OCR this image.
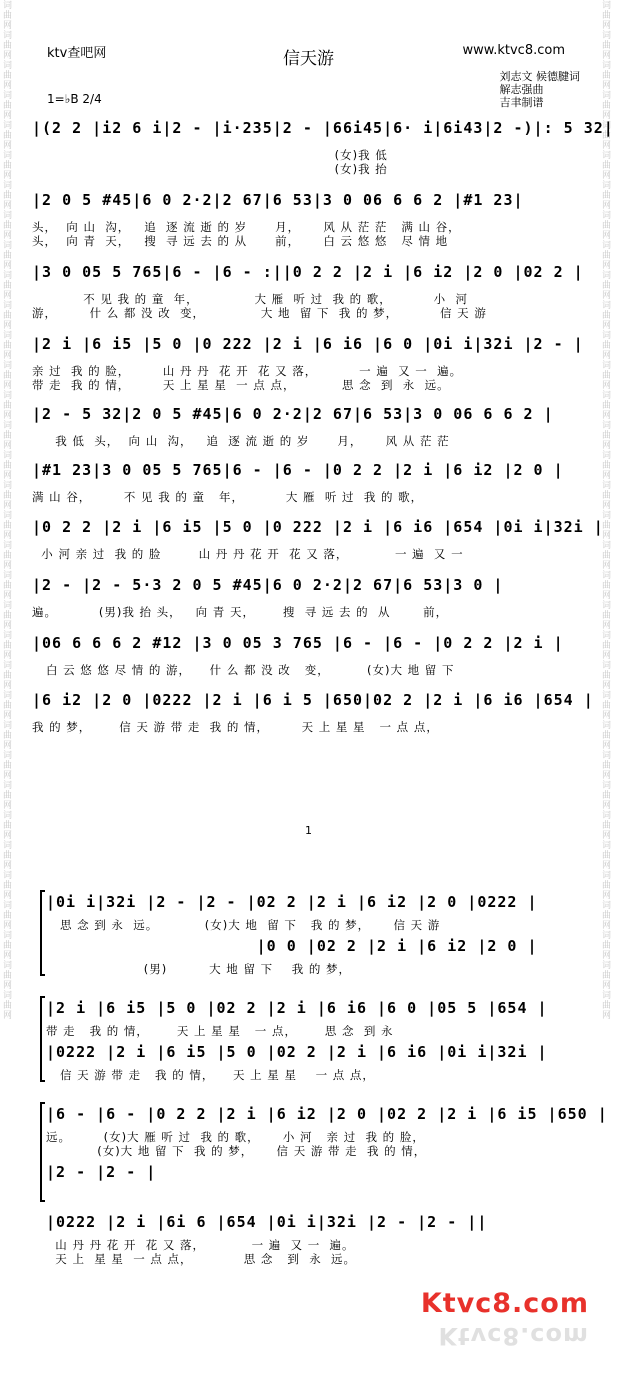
词曲网词曲网词曲网词曲网词曲网词曲网词曲网词曲网词曲网词曲网词曲网词曲网词曲网词曲网词曲网词曲网词曲网词曲网词曲网词曲网词曲网词曲网词曲网词曲网词曲网词曲网词曲网词曲网词曲网词曲网词曲网词曲网词曲网词曲网	词曲网词曲网词曲网词曲网词曲网词曲网词曲网词曲网词曲网词曲网词曲网词曲网词曲网词曲网词曲网词曲网词曲网词曲网词曲网词曲网词曲网词曲网词曲网词曲网词曲网词曲网词曲网词曲网词曲网词曲网词曲网词曲网词曲网词曲网
ktv查吧网	信天游	www.ktvc8.com
刘志文 候德腱词
解志强曲
吉聿制谱
1=♭B 2/4
|(2 2 |i2 6 i|2 - |i·235|2 - |66i45|6· i|6i43|2 -)|: 5 32|
(女)我 低
(女)我 抬
|2 0 5 #45|6 0 2·2|2 67|6 53|3 0 06 6 6 2 |#1 23|
头，  向 山  沟，   追  逐 流 逝 的 岁      月，     风 从 茫 茫   满 山 谷，
头，  向 青  天，   搜  寻 远 去 的 从      前，     白 云 悠 悠   尽 情 地
|3 0 05 5 765|6 - |6 - :||0 2 2 |2 i |6 i2 |2 0 |02 2 |
不 见 我 的 童  年，            大 雁  听 过  我 的 歌，         小  河
游，       什 么 都 没 改  变，            大 地  留 下  我 的 梦，         信 天 游
|2 i |6 i5 |5 0 |0 222 |2 i |6 i6 |6 0 |0i i|32i |2 - |
亲 过  我 的 脸，       山 丹 丹  花 开  花 又 落，         一 遍  又 一  遍。
带 走  我 的 情，       天 上 星 星  一 点 点，          思 念  到  永  远。
|2 - 5 32|2 0 5 #45|6 0 2·2|2 67|6 53|3 0 06 6 6 2 |
我 低  头，  向 山  沟，   追  逐 流 逝 的 岁      月，     风 从 茫 茫
|#1 23|3 0 05 5 765|6 - |6 - |0 2 2 |2 i |6 i2 |2 0 |
满 山 谷，       不 见 我 的 童   年，         大 雁  听 过  我 的 歌，
|0 2 2 |2 i |6 i5 |5 0 |0 222 |2 i |6 i6 |654 |0i i|32i |
小 河 亲 过  我 的 脸        山 丹 丹 花 开  花 又 落，          一 遍  又 一
|2 - |2 - 5·3 2 0 5 #45|6 0 2·2|2 67|6 53|3 0 |
遍。         (男)我 抬 头，   向 青 天，      搜  寻 远 去 的  从       前，
|06 6 6 6 2 #12 |3 0 05 3 765 |6 - |6 - |0 2 2 |2 i |
白 云 悠 悠 尽 情 的 游，    什 么 都 没 改   变，        (女)大 地 留 下
|6 i2 |2 0 |0222 |2 i |6 i 5 |650|02 2 |2 i |6 i6 |654 |
我 的 梦，      信 天 游 带 走  我 的 情，       天 上 星 星   一 点 点，
1
|0i i|32i |2 - |2 - |02 2 |2 i |6 i2 |2 0 |0222 |
思 念 到 永  远。          (女)大 地  留 下   我 的 梦，     信 天 游
|0 0 |02 2 |2 i |6 i2 |2 0 |
(男)         大 地 留 下    我 的 梦，
|2 i |6 i5 |5 0 |02 2 |2 i |6 i6 |6 0 |05 5 |654 |
带 走   我 的 情，      天 上 星 星   一 点，      思 念  到 永
|0222 |2 i |6 i5 |5 0 |02 2 |2 i |6 i6 |0i i|32i |
信 天 游 带 走   我 的 情，    天 上 星 星    一 点 点，
|6 - |6 - |0 2 2 |2 i |6 i2 |2 0 |02 2 |2 i |6 i5 |650 |
远。       (女)大 雁 听 过  我 的 歌，     小 河   亲 过  我 的 脸，
(女)大 地 留 下  我 的 梦，     信 天 游 带 走  我 的 情，
|2 - |2 - |
|0222 |2 i |6i 6 |654 |0i i|32i |2 - |2 - ||
山 丹 丹 花 开  花 又 落，          一 遍  又 一  遍。
天 上  星 星  一 点 点，           思 念   到  永  远。
Ktvc8.com
Ktvc8.com
